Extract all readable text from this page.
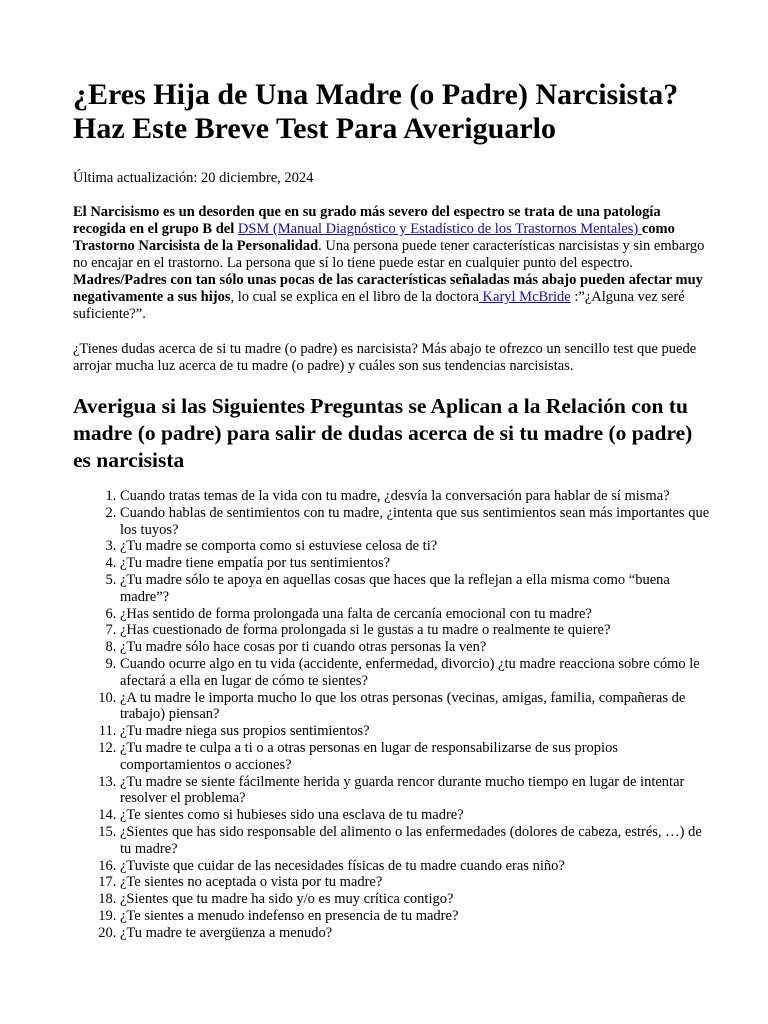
¿Eres Hija de Una Madre (o Padre) Narcisista?
Haz Este Breve Test Para Averiguarlo

Última actualización: 20 diciembre, 2024

El Narcisismo es un desorden que en su grado más severo del espectro se trata de una patología recogida en el grupo B del DSM (Manual Diagnóstico y Estadístico de los Trastornos Mentales) como Trastorno Narcisista de la Personalidad. Una persona puede tener características narcisistas y sin embargo no encajar en el trastorno. La persona que sí lo tiene puede estar en cualquier punto del espectro. Madres/Padres con tan sólo unas pocas de las características señaladas más abajo pueden afectar muy negativamente a sus hijos, lo cual se explica en el libro de la doctora Karyl McBride :”¿Alguna vez seré suficiente?”.

¿Tienes dudas acerca de si tu madre (o padre) es narcisista? Más abajo te ofrezco un sencillo test que puede arrojar mucha luz acerca de tu madre (o padre) y cuáles son sus tendencias narcisistas.

Averigua si las Siguientes Preguntas se Aplican a la Relación con tu madre (o padre) para salir de dudas acerca de si tu madre (o padre) es narcisista
1. Cuando tratas temas de la vida con tu madre, ¿desvía la conversación para hablar de sí misma?
2. Cuando hablas de sentimientos con tu madre, ¿intenta que sus sentimientos sean más importantes que los tuyos?
3. ¿Tu madre se comporta como si estuviese celosa de ti?
4. ¿Tu madre tiene empatía por tus sentimientos?
5. ¿Tu madre sólo te apoya en aquellas cosas que haces que la reflejan a ella misma como “buena madre”?
6. ¿Has sentido de forma prolongada una falta de cercanía emocional con tu madre?
7. ¿Has cuestionado de forma prolongada si le gustas a tu madre o realmente te quiere?
8. ¿Tu madre sólo hace cosas por ti cuando otras personas la ven?
9. Cuando ocurre algo en tu vida (accidente, enfermedad, divorcio) ¿tu madre reacciona sobre cómo le afectará a ella en lugar de cómo te sientes?
10. ¿A tu madre le importa mucho lo que los otras personas (vecinas, amigas, familia, compañeras de trabajo) piensan?
11. ¿Tu madre niega sus propios sentimientos?
12. ¿Tu madre te culpa a ti o a otras personas en lugar de responsabilizarse de sus propios comportamientos o acciones?
13. ¿Tu madre se siente fácilmente herida y guarda rencor durante mucho tiempo en lugar de intentar resolver el problema?
14. ¿Te sientes como si hubieses sido una esclava de tu madre?
15. ¿Sientes que has sido responsable del alimento o las enfermedades (dolores de cabeza, estrés, …) de tu madre?
16. ¿Tuviste que cuidar de las necesidades físicas de tu madre cuando eras niño?
17. ¿Te sientes no aceptada o vista por tu madre?
18. ¿Sientes que tu madre ha sido y/o es muy crítica contigo?
19. ¿Te sientes a menudo indefenso en presencia de tu madre?
20. ¿Tu madre te avergüenza a menudo?
